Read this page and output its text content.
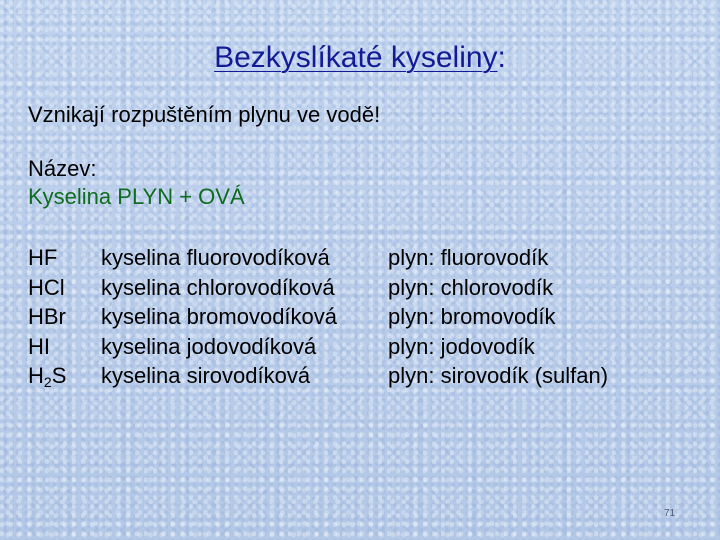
Bezkyslíkaté kyseliny:
Vznikají rozpuštěním plynu ve vodě!
Název:
Kyselina PLYN + OVÁ
HF
HCl
HBr
HI
$H_2S$
kyselina fluorovodíková
kyselina chlorovodíková
kyselina bromovodíková
kyselina jodovodíková
kyselina sirovodíková
plyn: fluorovodík
plyn: chlorovodík
plyn: bromovodík
plyn: jodovodík
plyn: sirovodík (sulfan)
71
